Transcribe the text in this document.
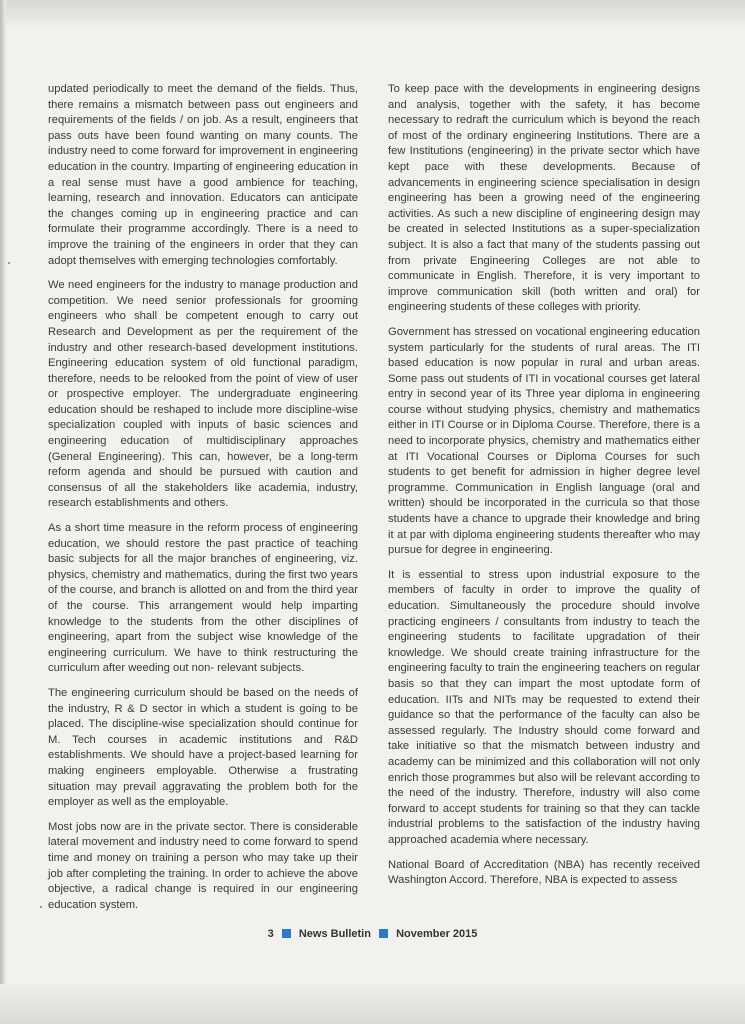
updated periodically to meet the demand of the fields. Thus, there remains a mismatch between pass out engineers and requirements of the fields / on job. As a result, engineers that pass outs have been found wanting on many counts. The industry need to come forward for improvement in engineering education in the country. Imparting of engineering education in a real sense must have a good ambience for teaching, learning, research and innovation. Educators can anticipate the changes coming up in engineering practice and can formulate their programme accordingly. There is a need to improve the training of the engineers in order that they can adopt themselves with emerging technologies comfortably.

We need engineers for the industry to manage production and competition. We need senior professionals for grooming engineers who shall be competent enough to carry out Research and Development as per the requirement of the industry and other research-based development institutions. Engineering education system of old functional paradigm, therefore, needs to be relooked from the point of view of user or prospective employer. The undergraduate engineering education should be reshaped to include more discipline-wise specialization coupled with inputs of basic sciences and engineering education of multidisciplinary approaches (General Engineering). This can, however, be a long-term reform agenda and should be pursued with caution and consensus of all the stakeholders like academia, industry, research establishments and others.

As a short time measure in the reform process of engineering education, we should restore the past practice of teaching basic subjects for all the major branches of engineering, viz. physics, chemistry and mathematics, during the first two years of the course, and branch is allotted on and from the third year of the course. This arrangement would help imparting knowledge to the students from the other disciplines of engineering, apart from the subject wise knowledge of the engineering curriculum. We have to think restructuring the curriculum after weeding out non- relevant subjects.

The engineering curriculum should be based on the needs of the industry, R & D sector in which a student is going to be placed. The discipline-wise specialization should continue for M. Tech courses in academic institutions and R&D establishments. We should have a project-based learning for making engineers employable. Otherwise a frustrating situation may prevail aggravating the problem both for the employer as well as the employable.

Most jobs now are in the private sector. There is considerable lateral movement and industry need to come forward to spend time and money on training a person who may take up their job after completing the training. In order to achieve the above objective, a radical change is required in our engineering education system.

To keep pace with the developments in engineering designs and analysis, together with the safety, it has become necessary to redraft the curriculum which is beyond the reach of most of the ordinary engineering Institutions. There are a few Institutions (engineering) in the private sector which have kept pace with these developments. Because of advancements in engineering science specialisation in design engineering has been a growing need of the engineering activities. As such a new discipline of engineering design may be created in selected Institutions as a super-specialization subject. It is also a fact that many of the students passing out from private Engineering Colleges are not able to communicate in English. Therefore, it is very important to improve communication skill (both written and oral) for engineering students of these colleges with priority.

Government has stressed on vocational engineering education system particularly for the students of rural areas. The ITI based education is now popular in rural and urban areas. Some pass out students of ITI in vocational courses get lateral entry in second year of its Three year diploma in engineering course without studying physics, chemistry and mathematics either in ITI Course or in Diploma Course. Therefore, there is a need to incorporate physics, chemistry and mathematics either at ITI Vocational Courses or Diploma Courses for such students to get benefit for admission in higher degree level programme. Communication in English language (oral and written) should be incorporated in the curricula so that those students have a chance to upgrade their knowledge and bring it at par with diploma engineering students thereafter who may pursue for degree in engineering.

It is essential to stress upon industrial exposure to the members of faculty in order to improve the quality of education. Simultaneously the procedure should involve practicing engineers / consultants from industry to teach the engineering students to facilitate upgradation of their knowledge. We should create training infrastructure for the engineering faculty to train the engineering teachers on regular basis so that they can impart the most uptodate form of education. IITs and NITs may be requested to extend their guidance so that the performance of the faculty can also be assessed regularly. The Industry should come forward and take initiative so that the mismatch between industry and academy can be minimized and this collaboration will not only enrich those programmes but also will be relevant according to the need of the industry. Therefore, industry will also come forward to accept students for training so that they can tackle industrial problems to the satisfaction of the industry having approached academia where necessary.

National Board of Accreditation (NBA) has recently received Washington Accord. Therefore, NBA is expected to assess

3 News Bulletin November 2015
